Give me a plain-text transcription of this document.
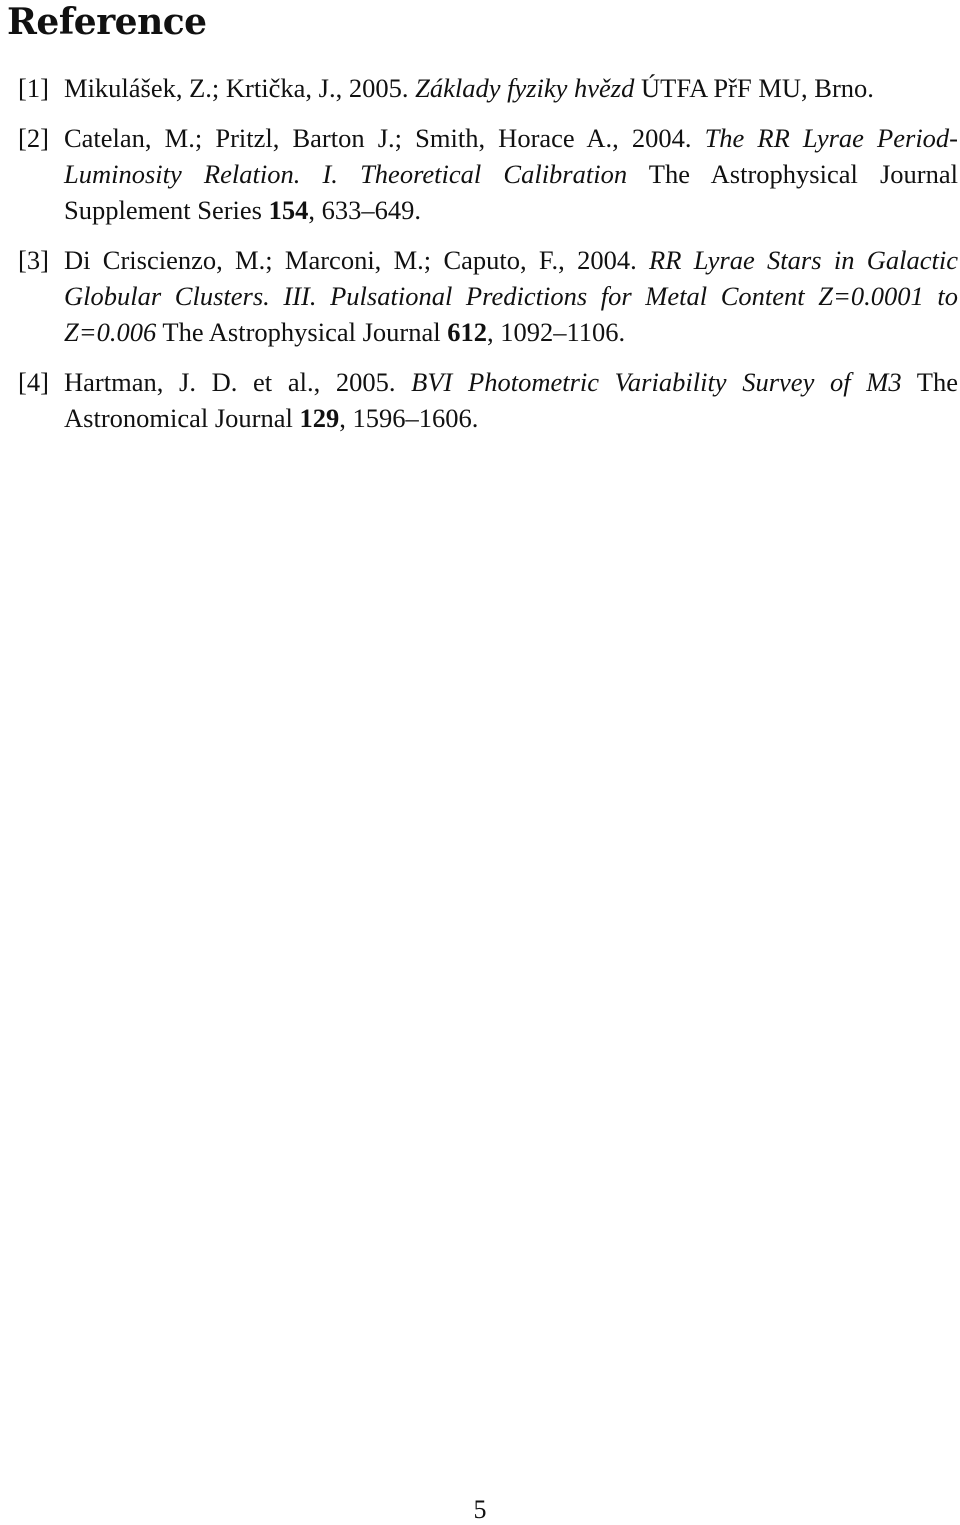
Reference
[1] Mikulášek, Z.; Krtička, J., 2005. Základy fyziky hvězd ÚTFA PřF MU, Brno.
[2] Catelan, M.; Pritzl, Barton J.; Smith, Horace A., 2004. The RR Lyrae Period-Luminosity Relation. I. Theoretical Calibration The Astrophysical Journal Supplement Series 154, 633–649.
[3] Di Criscienzo, M.; Marconi, M.; Caputo, F., 2004. RR Lyrae Stars in Galactic Globular Clusters. III. Pulsational Predictions for Metal Content Z=0.0001 to Z=0.006 The Astrophysical Journal 612, 1092–1106.
[4] Hartman, J. D. et al., 2005. BVI Photometric Variability Survey of M3 The Astronomical Journal 129, 1596–1606.
5
